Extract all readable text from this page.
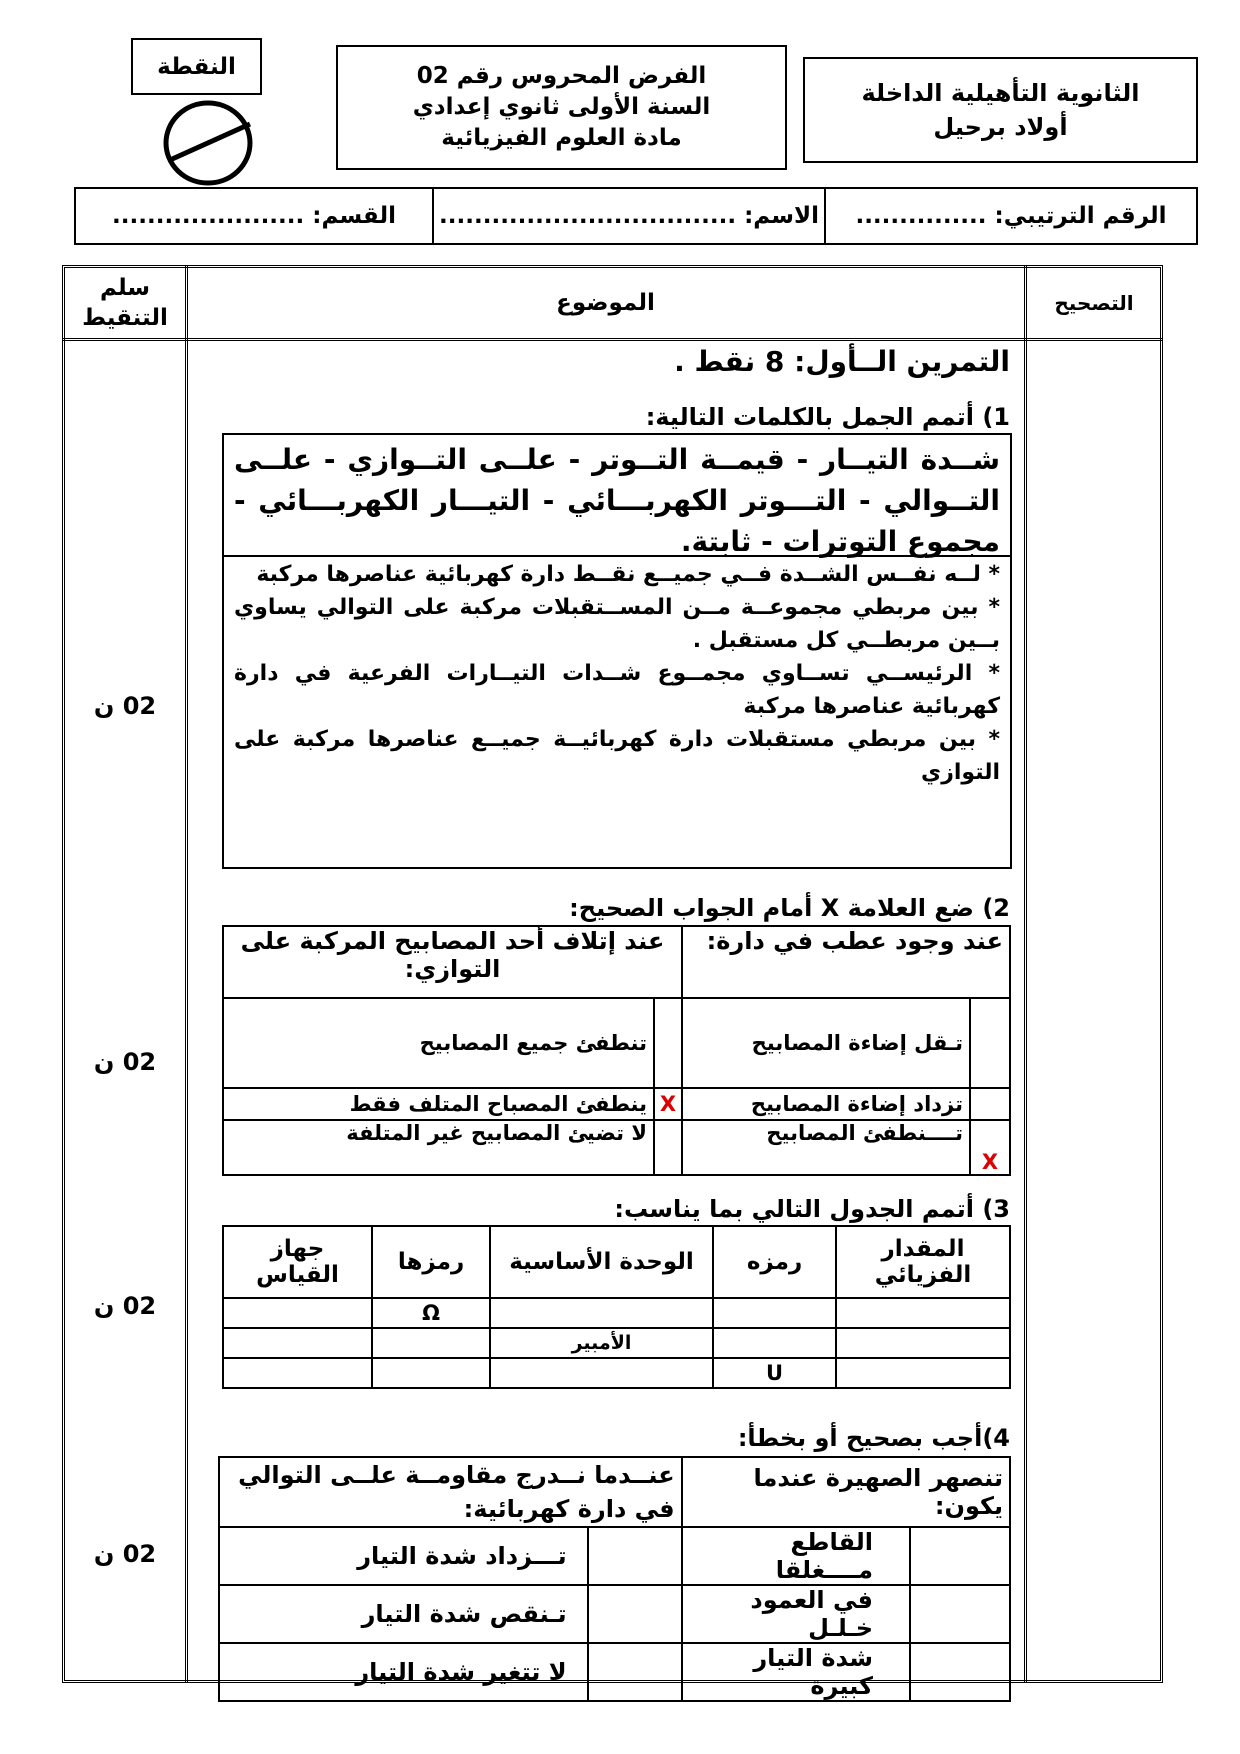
النقطة	الفرض المحروس رقم 02
السنة الأولى ثانوي إعدادي
مادة العلوم الفيزيائية
الثانوية التأهيلية الداخلة
أولاد برحيل
الرقم الترتيبي: ...............
الاسم: ..................................
القسم: ......................
سلم التنقيط
الموضوع	التصحيح
التمرين الــأول: 8 نقط .
1) أتمم الجمل بالكلمات التالية:
شــدة التيــار - قيمــة التــوتر - علــى التــوازي - علــى التــوالي - التـــوتر الكهربـــائي - التيـــار الكهربـــائي - مجموع التوترات - ثابتة.
* لــه نفــس الشــدة فــي جميــع نقــط دارة كهربائية عناصرها مركبة
* بين مربطي مجموعــة مــن المســتقبلات مركبة على التوالي يساوي بــين مربطــي كل مستقبل .
* الرئيســي تســاوي مجمــوع شــدات التيــارات الفرعية في دارة كهربائية عناصرها مركبة
* بين مربطي مستقبلات دارة كهربائيــة جميــع عناصرها مركبة على التوازي
02 ن
2) ضع العلامة X أمام الجواب الصحيح:
عند وجود عطب في دارة:		عند إتلاف أحد المصابيح المركبة على التوازي:	
	تـقل إضاءة المصابيح		تنطفئ جميع المصابيح
	تزداد إضاءة المصابيح	X	ينطفئ المصباح المتلف فقط
X	تــــنطفئ المصابيح		لا تضيئ المصابيح غير المتلفة
02 ن
3) أتمم الجدول التالي بما يناسب:
المقدار الفزيائي	رمزه	الوحدة الأساسية	رمزها	جهاز القياس
			Ω	
		الأمبير		
	U			
02 ن
4)أجب بصحيح أو بخطأ:
تنصهر الصهيرة عندما يكون:		عنــدما نــدرج مقاومــة علــى التوالي في دارة كهربائية:	
	القاطع مــــغلقا		تـــزداد شدة التيار
	في العمود خـلـل		تـنقص شدة التيار
	شدة التيار كبيرة		لا تتغير شدة التيار
02 ن
